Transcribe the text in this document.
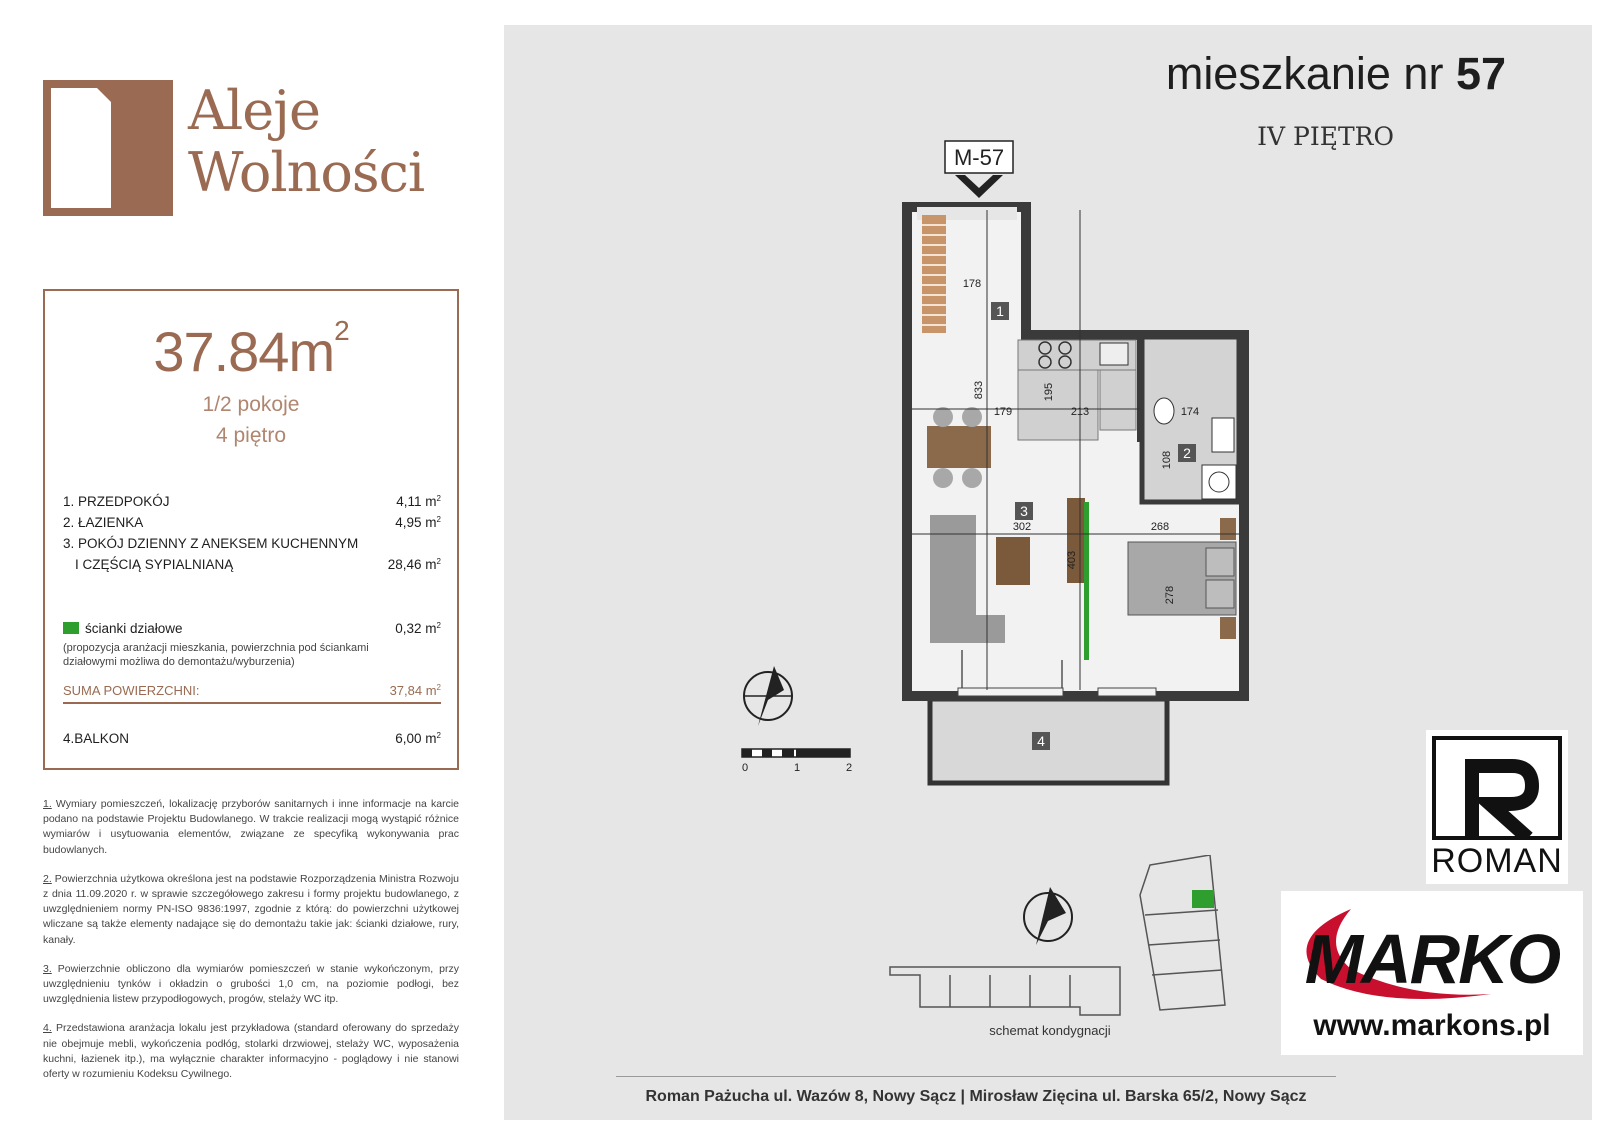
Aleje
Wolności
$37.84m^2$
1/2 pokoje
4 piętro
1. PRZEDPOKÓJ	4,11 $m^2$
2. ŁAZIENKA	4,95 $m^2$
3. POKÓJ DZIENNY Z ANEKSEM KUCHENNYM
I CZĘŚCIĄ SYPIALNIANĄ	28,46 $m^2$
ścianki działowe	0,32 $m^2$
(propozycja aranżacji mieszkania, powierzchnia pod ściankami działowymi możliwa do demontażu/wyburzenia)
SUMA POWIERZCHNI:	37,84 $m^2$
4.BALKON	6,00 $m^2$

1. Wymiary pomieszczeń, lokalizację przyborów sanitarnych i inne informacje na karcie podano na podstawie Projektu Budowlanego. W trakcie realizacji mogą wystąpić różnice wymiarów i usytuowania elementów, związane ze specyfiką wykonywania prac budowlanych.

2. Powierzchnia użytkowa określona jest na podstawie Rozporządzenia Ministra Rozwoju z dnia 11.09.2020 r. w sprawie szczegółowego zakresu i formy projektu budowlanego, z uwzględnieniem normy PN-ISO 9836:1997, zgodnie z którą: do powierzchni użytkowej wliczane są także elementy nadające się do demontażu takie jak: ścianki działowe, rury, kanały.

3. Powierzchnie obliczono dla wymiarów pomieszczeń w stanie wykończonym, przy uwzględnieniu tynków i okładzin o grubości 1,0 cm, na poziomie podłogi, bez uwzględnienia listew przypodłogowych, progów, stelaży WC itp.

4. Przedstawiona aranżacja lokalu jest przykładowa (standard oferowany do sprzedaży nie obejmuje mebli, wykończenia podłóg, stolarki drzwiowej, stelaży WC, wyposażenia kuchni, łazienek itp.), ma wyłącznie charakter informacyjno - poglądowy i nie stanowi oferty w rozumieniu Kodeksu Cywilnego.

mieszkanie nr 57
IV PIĘTRO
M-57
178
833
179
195
213	174
108
302
403
268
278
1
2
3
4
0	1	2
schemat kondygnacji
ROMAN
MARKO
www.markons.pl
Roman Pażucha ul. Wazów 8, Nowy Sącz | Mirosław Zięcina ul. Barska 65/2, Nowy Sącz
